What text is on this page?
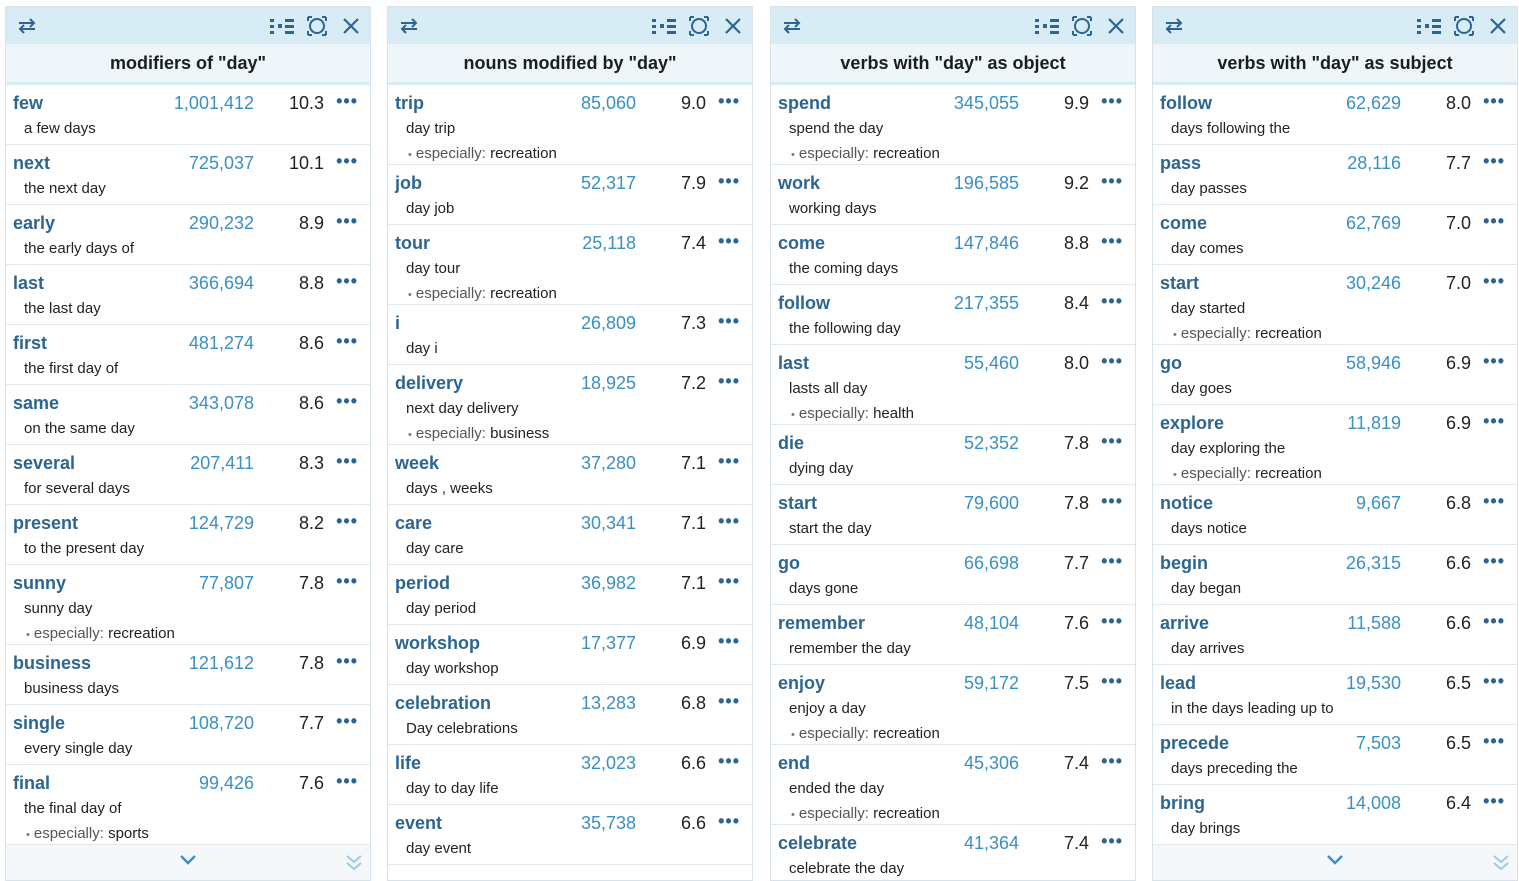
modifiers of "day"
few	1,001,412 10.3 •••
a few days
next	725,037 10.1 •••
the next day
early	290,232 8.9 •••
the early days of
last	366,694 8.8 •••
the last day
first	481,274 8.6 •••
the first day of
same	343,078 8.6 •••
on the same day
several	207,411 8.3 •••
for several days
present	124,729 8.2 •••
to the present day
sunny	77,807 7.8 •••
sunny day
• especially: recreation
business	121,612 7.8 •••
business days
single	108,720 7.7 •••
every single day
final	99,426 7.6 •••
the final day of
• especially: sports
nouns modified by "day"
trip	85,060 9.0 •••
day trip
• especially: recreation
job	52,317 7.9 •••
day job
tour	25,118 7.4 •••
day tour
• especially: recreation
i	26,809 7.3 •••
day i
delivery	18,925 7.2 •••
next day delivery
• especially: business
week	37,280 7.1 •••
days , weeks
care	30,341 7.1 •••
day care
period	36,982 7.1 •••
day period
workshop	17,377 6.9 •••
day workshop
celebration	13,283 6.8 •••
Day celebrations
life	32,023 6.6 •••
day to day life
event	35,738 6.6 •••
day event
verbs with "day" as object
spend	345,055 9.9 •••
spend the day
• especially: recreation
work	196,585 9.2 •••
working days
come	147,846 8.8 •••
the coming days
follow	217,355 8.4 •••
the following day
last	55,460 8.0 •••
lasts all day
• especially: health
die	52,352 7.8 •••
dying day
start	79,600 7.8 •••
start the day
go	66,698 7.7 •••
days gone
remember	48,104 7.6 •••
remember the day
enjoy	59,172 7.5 •••
enjoy a day
• especially: recreation
end	45,306 7.4 •••
ended the day
• especially: recreation
celebrate	41,364 7.4 •••
celebrate the day
verbs with "day" as subject
follow	62,629 8.0 •••
days following the
pass	28,116 7.7 •••
day passes
come	62,769 7.0 •••
day comes
start	30,246 7.0 •••
day started
• especially: recreation
go	58,946 6.9 •••
day goes
explore	11,819 6.9 •••
day exploring the
• especially: recreation
notice	9,667 6.8 •••
days notice
begin	26,315 6.6 •••
day began
arrive	11,588 6.6 •••
day arrives
lead	19,530 6.5 •••
in the days leading up to
precede	7,503 6.5 •••
days preceding the
bring	14,008 6.4 •••
day brings
